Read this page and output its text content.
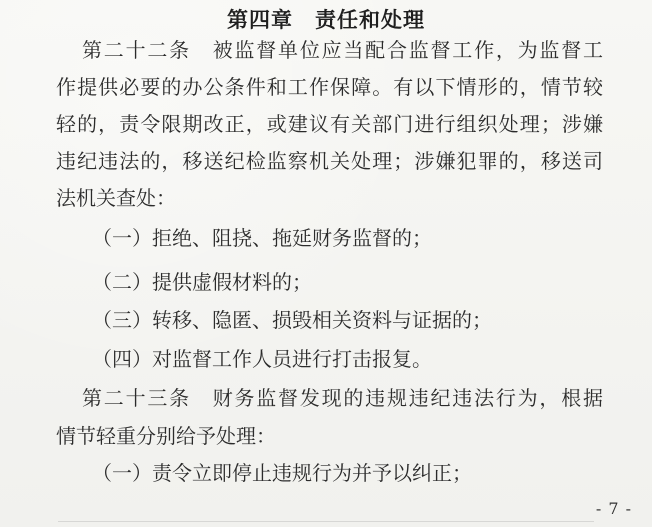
第四章　责任和处理
第二十二条　被监督单位应当配合监督工作，为监督工
作提供必要的办公条件和工作保障。有以下情形的，情节较
轻的，责令限期改正，或建议有关部门进行组织处理；涉嫌
违纪违法的，移送纪检监察机关处理；涉嫌犯罪的，移送司
法机关查处：
（一）拒绝、阻挠、拖延财务监督的；
（二）提供虚假材料的；
（三）转移、隐匿、损毁相关资料与证据的；
（四）对监督工作人员进行打击报复。
第二十三条　财务监督发现的违规违纪违法行为，根据
情节轻重分别给予处理：
（一）责令立即停止违规行为并予以纠正；
- 7 -
